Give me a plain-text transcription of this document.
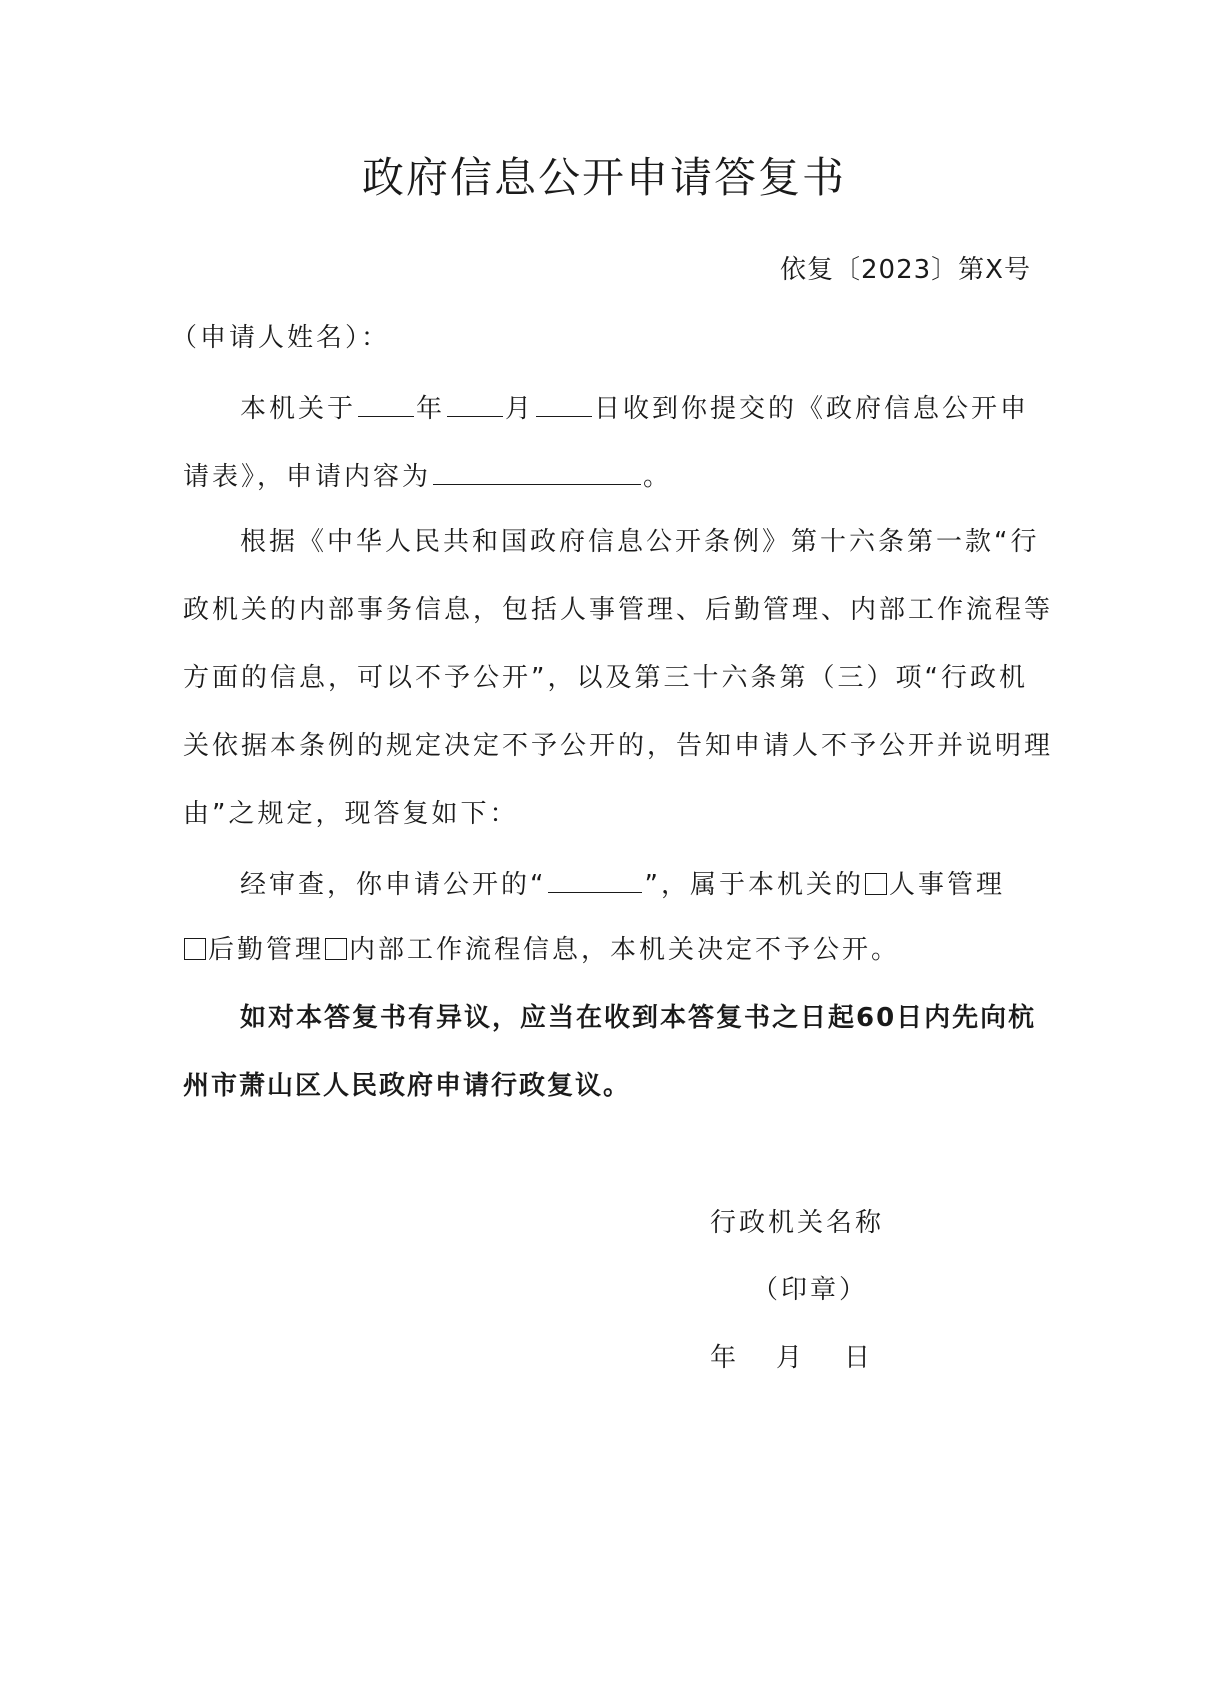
政府信息公开申请答复书
依复〔2023〕第X号
（申请人姓名）：
本机关于 年 月 日收到你提交的《政府信息公开申
请表》，申请内容为	。
根据《中华人民共和国政府信息公开条例》第十六条第一款“行
政机关的内部事务信息，包括人事管理、后勤管理、内部工作流程等
方面的信息，可以不予公开”，以及第三十六条第（三）项“行政机
关依据本条例的规定决定不予公开的，告知申请人不予公开并说明理
由”之规定，现答复如下：
经审查，你申请公开的“	”，属于本机关的 人事管理
后勤管理 内部工作流程信息，本机关决定不予公开。
如对本答复书有异议，应当在收到本答复书之日起60日内先向杭
州市萧山区人民政府申请行政复议。
行政机关名称
（印章）
年 月 日
